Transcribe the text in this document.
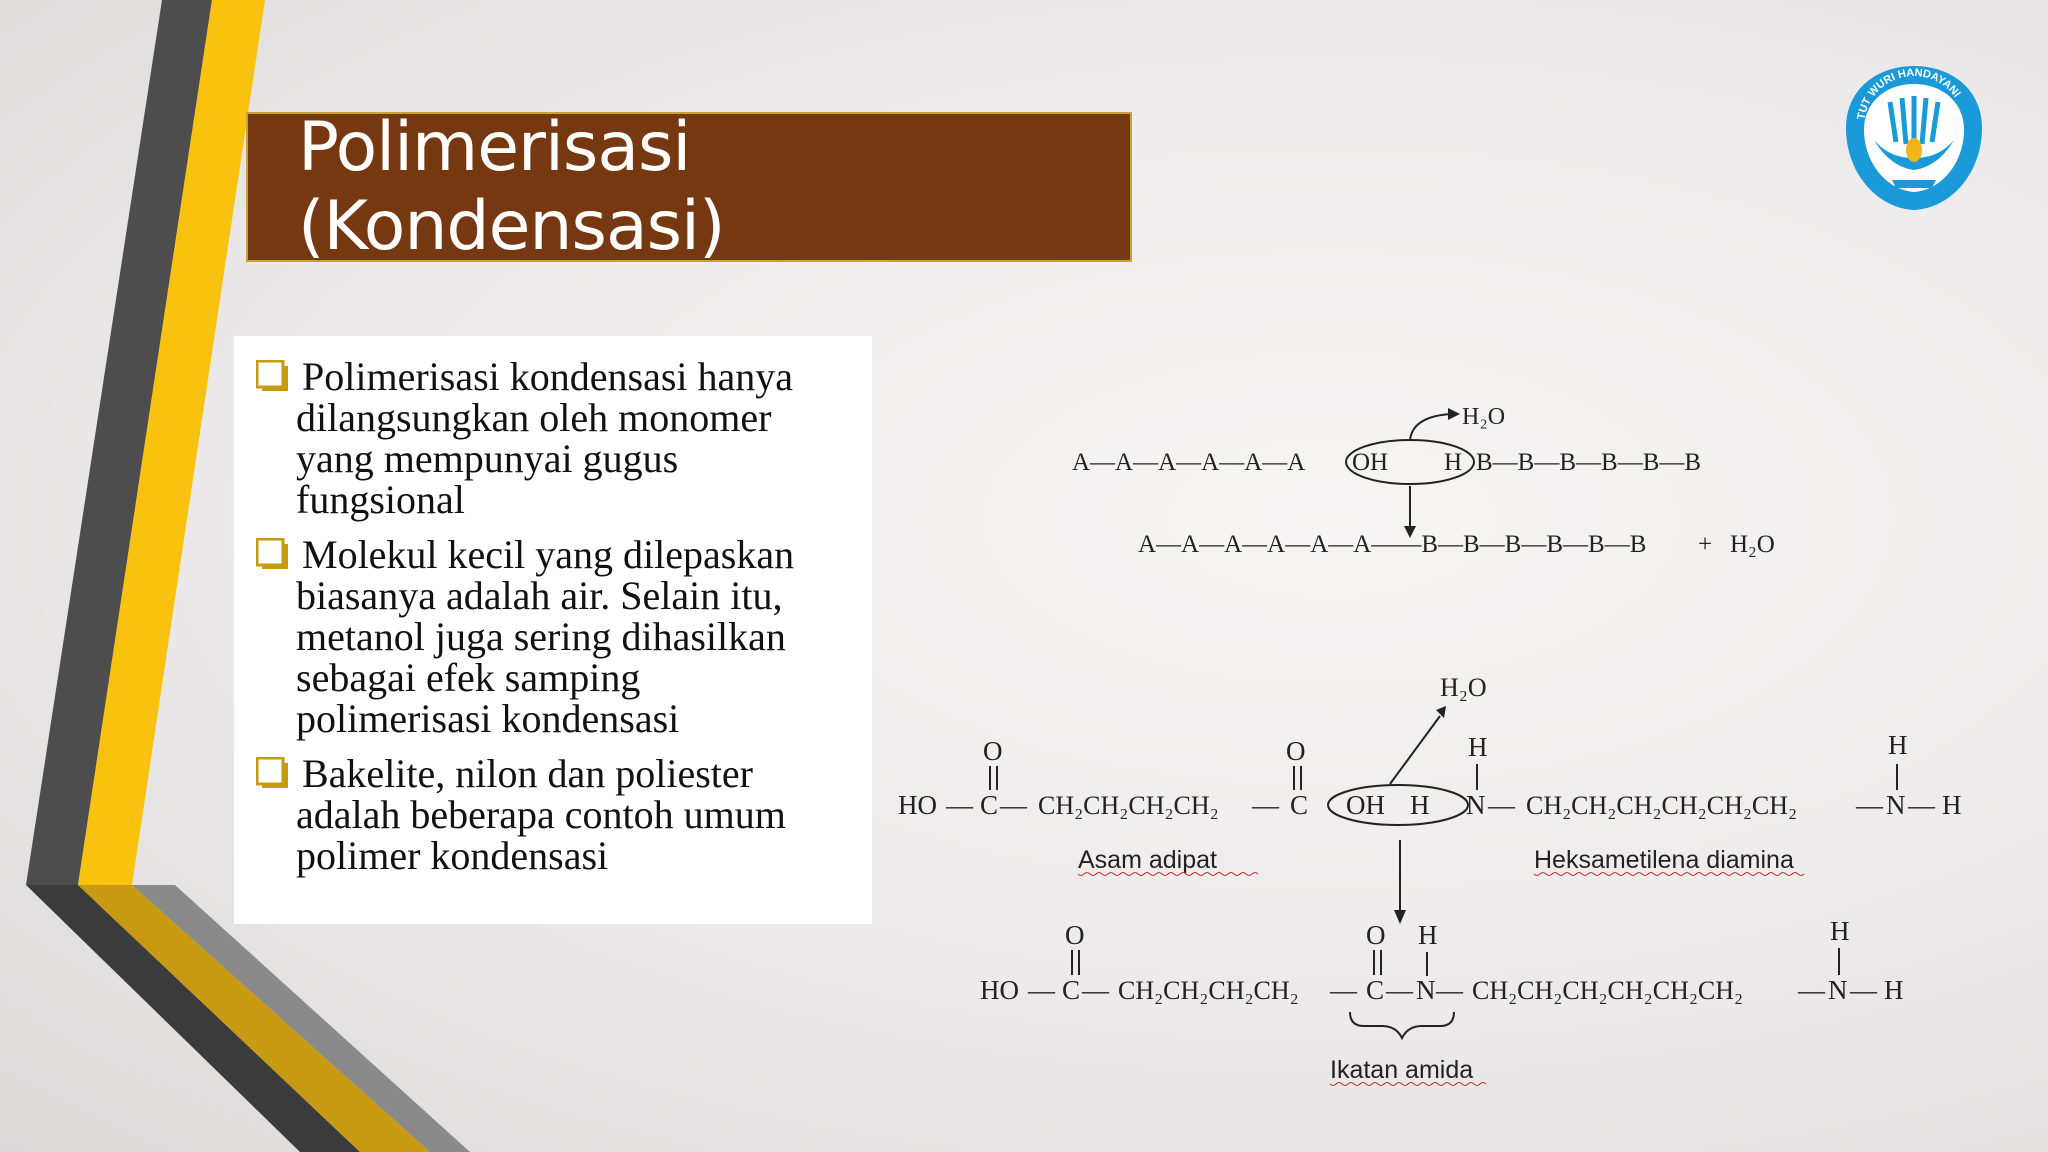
Polimerisasi (Kondensasi)
Polimerisasi kondensasi hanya
dilangsungkan oleh monomer
yang mempunyai gugus
fungsional
Molekul kecil yang dilepaskan
biasanya adalah air. Selain itu,
metanol juga sering dihasilkan
sebagai efek samping
polimerisasi kondensasi
Bakelite, nilon dan poliester
adalah beberapa contoh umum
polimer kondensasi
TUT WURI HANDAYANI
A—A—A—A—A—A OH H B—B—B—B—B—B
H₂O
A—A—A—A—A—A——B—B—B—B—B—B + H₂O
HO — C
O
— CH₂CH₂CH₂CH₂ — C
O
OH H N
H
— CH₂CH₂CH₂CH₂CH₂CH₂ — N
H
— H
H₂O
Asam adipat	Heksametilena diamina
HO — C
O
— CH₂CH₂CH₂CH₂ — C
O
— N
H
— CH₂CH₂CH₂CH₂CH₂CH₂ — N
H
— H
Ikatan amida
